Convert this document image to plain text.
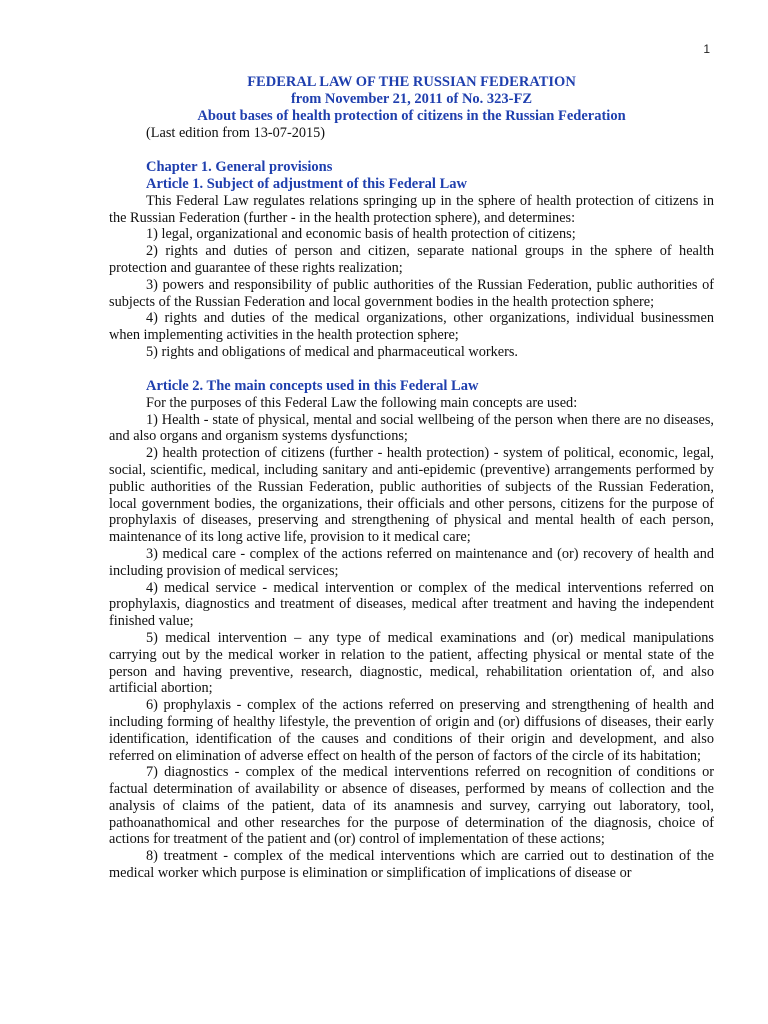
1

FEDERAL LAW OF THE RUSSIAN FEDERATION

from November 21, 2011 of No. 323-FZ

About bases of health protection of citizens in the Russian Federation

(Last edition from 13-07-2015)

Chapter 1. General provisions

Article 1. Subject of adjustment of this Federal Law

This Federal Law regulates relations springing up in the sphere of health protection of citizens in the Russian Federation (further - in the health protection sphere), and determines:

1) legal, organizational and economic basis of health protection of citizens;

2) rights and duties of person and citizen, separate national groups in the sphere of health protection and guarantee of these rights realization;

3) powers and responsibility of public authorities of the Russian Federation, public authorities of subjects of the Russian Federation and local government bodies in the health protection sphere;

4) rights and duties of the medical organizations, other organizations, individual businessmen when implementing activities in the health protection sphere;

5) rights and obligations of medical and pharmaceutical workers.

Article 2. The main concepts used in this Federal Law

For the purposes of this Federal Law the following main concepts are used:

1) Health - state of physical, mental and social wellbeing of the person when there are no diseases, and also organs and organism systems dysfunctions;

2) health protection of citizens (further - health protection) - system of political, economic, legal, social, scientific, medical, including sanitary and anti-epidemic (preventive) arrangements performed by public authorities of the Russian Federation, public authorities of subjects of the Russian Federation, local government bodies, the organizations, their officials and other persons, citizens for the purpose of prophylaxis of diseases, preserving and strengthening of physical and mental health of each person, maintenance of its long active life, provision to it medical care;

3) medical care - complex of the actions referred on maintenance and (or) recovery of health and including provision of medical services;

4) medical service - medical intervention or complex of the medical interventions referred on prophylaxis, diagnostics and treatment of diseases, medical after treatment and having the independent finished value;

5) medical intervention – any type of medical examinations and (or) medical manipulations carrying out by the medical worker in relation to the patient, affecting physical or mental state of the person and having preventive, research, diagnostic, medical, rehabilitation orientation of, and also artificial abortion;

6) prophylaxis - complex of the actions referred on preserving and strengthening of health and including forming of healthy lifestyle, the prevention of origin and (or) diffusions of diseases, their early identification, identification of the causes and conditions of their origin and development, and also referred on elimination of adverse effect on health of the person of factors of the circle of its habitation;

7) diagnostics - complex of the medical interventions referred on recognition of conditions or factual determination of availability or absence of diseases, performed by means of collection and the analysis of claims of the patient, data of its anamnesis and survey, carrying out laboratory, tool, pathoanathomical and other researches for the purpose of determination of the diagnosis, choice of actions for treatment of the patient and (or) control of implementation of these actions;

8) treatment - complex of the medical interventions which are carried out to destination of the medical worker which purpose is elimination or simplification of implications of disease or
